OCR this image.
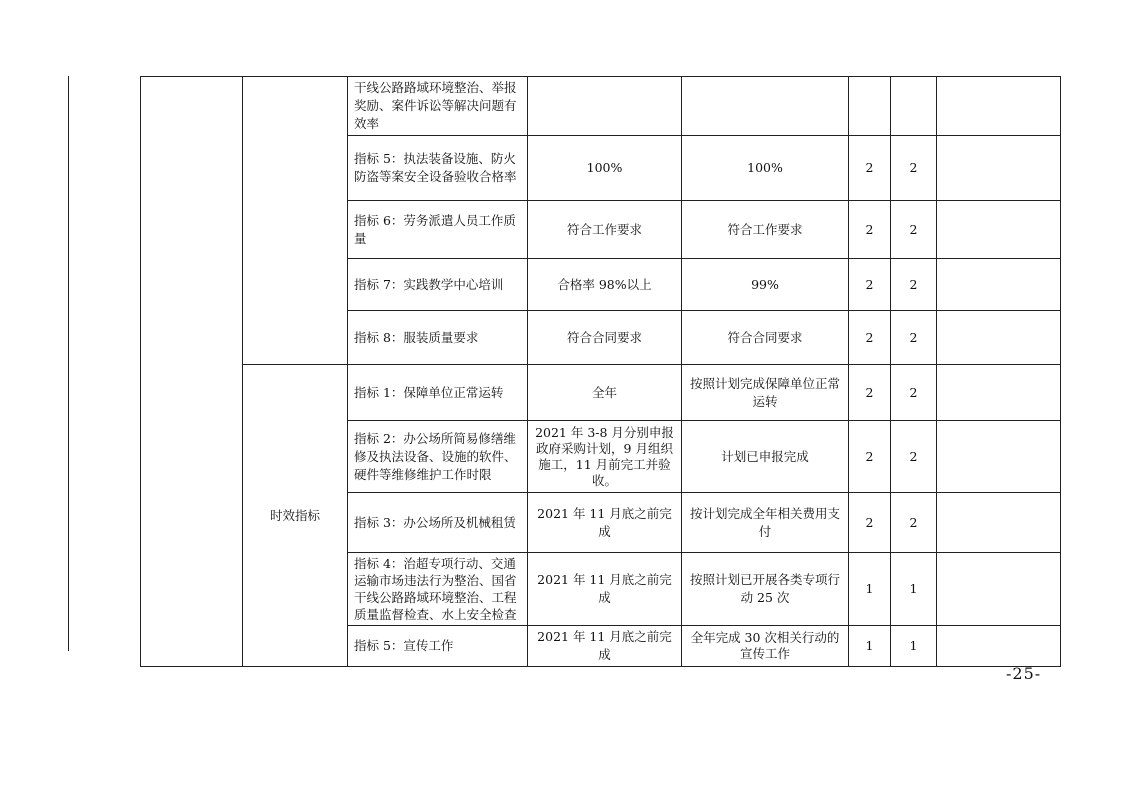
		干线公路路域环境整治、举报奖励、案件诉讼等解决问题有效率					
		指标 5：执法装备设施、防火防盗等案安全设备验收合格率	100%	100%	2	2	
		指标 6：劳务派遣人员工作质量	符合工作要求	符合工作要求	2	2	
		指标 7：实践教学中心培训	合格率 98%以上	99%	2	2	
		指标 8：服装质量要求	符合合同要求	符合合同要求	2	2	
	时效指标	指标 1：保障单位正常运转	全年	按照计划完成保障单位正常运转	2	2	
		指标 2：办公场所简易修缮维修及执法设备、设施的软件、硬件等维修维护工作时限	2021 年 3-8 月分别申报政府采购计划，9 月组织施工，11 月前完工并验收。	计划已申报完成	2	2	
		指标 3：办公场所及机械租赁	2021 年 11 月底之前完成	按计划完成全年相关费用支付	2	2	
		指标 4：治超专项行动、交通运输市场违法行为整治、国省干线公路路域环境整治、工程质量监督检查、水上安全检查	2021 年 11 月底之前完成	按照计划已开展各类专项行动 25 次	1	1	
		指标 5：宣传工作	2021 年 11 月底之前完成	全年完成 30 次相关行动的宣传工作	1	1	
-25-
